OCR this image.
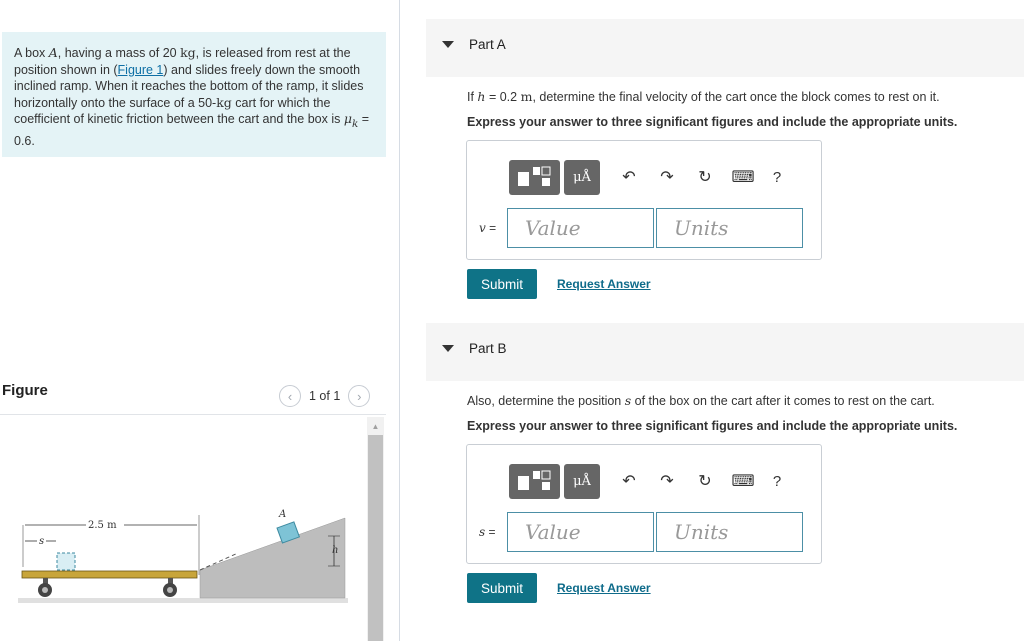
A box A, having a mass of 20 kg, is released from rest at the position shown in (Figure 1) and slides freely down the smooth inclined ramp. When it reaches the bottom of the ramp, it slides horizontally onto the surface of a 50-kg cart for which the coefficient of kinetic friction between the cart and the box is $\mu_k = 0.6$.
Figure	‹	1 of 1	›
A
h
2.5 m
s
▲
Part A
If h = 0.2 m, determine the final velocity of the cart once the block comes to rest on it.
Express your answer to three significant figures and include the appropriate units.
μÅ	↶	↷	↻	⌨	?
v =	Value	Units
Submit	Request Answer
Part B
Also, determine the position s of the box on the cart after it comes to rest on the cart.
Express your answer to three significant figures and include the appropriate units.
μÅ	↶	↷	↻	⌨	?
s =	Value	Units
Submit	Request Answer
